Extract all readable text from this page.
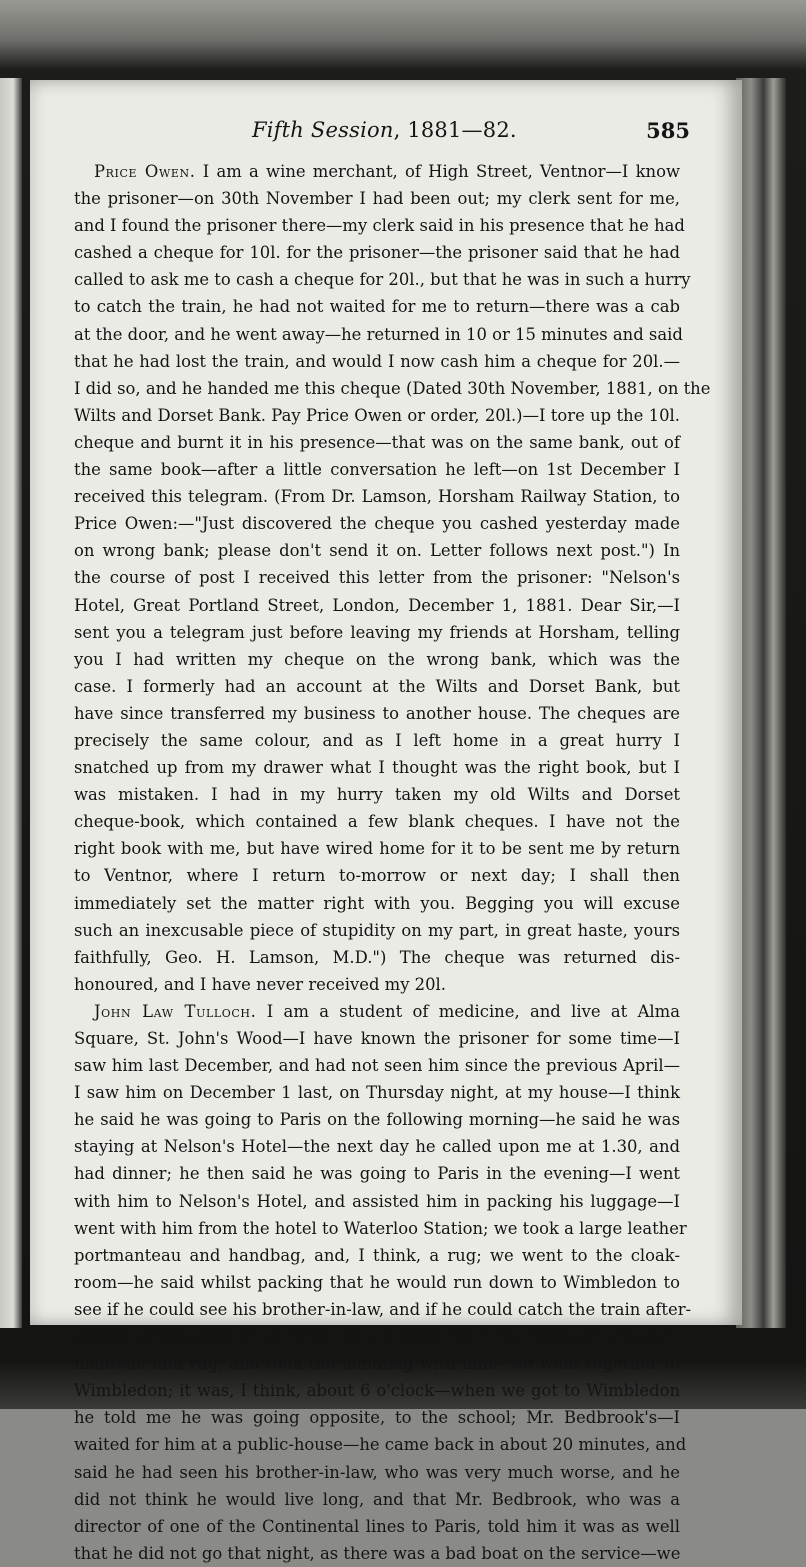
Fifth Session, 1881—82.	585
Price Owen. I am a wine merchant, of High Street, Ventnor—I know
the prisoner—on 30th November I had been out; my clerk sent for me,
and I found the prisoner there—my clerk said in his presence that he had
cashed a cheque for 10l. for the prisoner—the prisoner said that he had
called to ask me to cash a cheque for 20l., but that he was in such a hurry
to catch the train, he had not waited for me to return—there was a cab
at the door, and he went away—he returned in 10 or 15 minutes and said
that he had lost the train, and would I now cash him a cheque for 20l.—
I did so, and he handed me this cheque (Dated 30th November, 1881, on the
Wilts and Dorset Bank. Pay Price Owen or order, 20l.)—I tore up the 10l.
cheque and burnt it in his presence—that was on the same bank, out of
the same book—after a little conversation he left—on 1st December I
received this telegram. (From Dr. Lamson, Horsham Railway Station, to
Price Owen:—"Just discovered the cheque you cashed yesterday made
on wrong bank; please don't send it on. Letter follows next post.") In
the course of post I received this letter from the prisoner: "Nelson's
Hotel, Great Portland Street, London, December 1, 1881. Dear Sir,—I
sent you a telegram just before leaving my friends at Horsham, telling
you I had written my cheque on the wrong bank, which was the
case. I formerly had an account at the Wilts and Dorset Bank, but
have since transferred my business to another house. The cheques are
precisely the same colour, and as I left home in a great hurry I
snatched up from my drawer what I thought was the right book, but I
was mistaken. I had in my hurry taken my old Wilts and Dorset
cheque-book, which contained a few blank cheques. I have not the
right book with me, but have wired home for it to be sent me by return
to Ventnor, where I return to-morrow or next day; I shall then
immediately set the matter right with you. Begging you will excuse
such an inexcusable piece of stupidity on my part, in great haste, yours
faithfully, Geo. H. Lamson, M.D.") The cheque was returned dis-
honoured, and I have never received my 20l.
John Law Tulloch. I am a student of medicine, and live at Alma
Square, St. John's Wood—I have known the prisoner for some time—I
saw him last December, and had not seen him since the previous April—
I saw him on December 1 last, on Thursday night, at my house—I think
he said he was going to Paris on the following morning—he said he was
staying at Nelson's Hotel—the next day he called upon me at 1.30, and
had dinner; he then said he was going to Paris in the evening—I went
with him to Nelson's Hotel, and assisted him in packing his luggage—I
went with him from the hotel to Waterloo Station; we took a large leather
portmanteau and handbag, and, I think, a rug; we went to the cloak-
room—he said whilst packing that he would run down to Wimbledon to
see if he could see his brother-in-law, and if he could catch the train after-
wards he would go on to Paris—at the cloak-room he deposited the port-
manteau and rug, and took the handbag with him—we went together to
Wimbledon; it was, I think, about 6 o'clock—when we got to Wimbledon
he told me he was going opposite, to the school; Mr. Bedbrook's—I
waited for him at a public-house—he came back in about 20 minutes, and
said he had seen his brother-in-law, who was very much worse, and he
did not think he would live long, and that Mr. Bedbrook, who was a
director of one of the Continental lines to Paris, told him it was as well
that he did not go that night, as there was a bad boat on the service—we
